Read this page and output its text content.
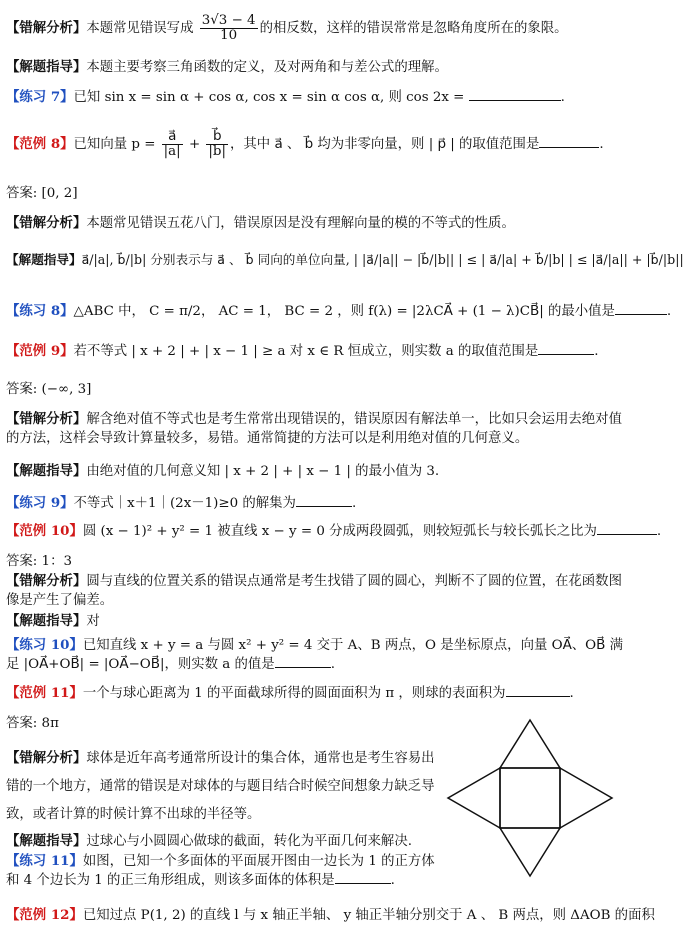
【错解分析】本题常见错误写成 $\frac{3√3 - 4}{10}$ 的相反数，这样的错误常常是忽略角度所在的象限。
【解题指导】本题主要考察三角函数的定义，及对两角和与差公式的理解。
【练习 7】已知 sin x = sin α + cos α, cos x = sin α cos α, 则 cos 2x =	.
【范例 8】已知向量 $p = \frac{a⃗}{|a|} + \frac{b⃗}{|b|}$ ，其中 a⃗ 、 b⃗ 均为非零向量，则 | p⃗ | 的取值范围是	.
答案: [0, 2]
【错解分析】本题常见错误五花八门，错误原因是没有理解向量的模的不等式的性质。
【解题指导】a⃗/|a|, b⃗/|b| 分别表示与 a⃗ 、 b⃗ 同向的单位向量, | |a⃗/|a|| − |b⃗/|b|| | ≤ | a⃗/|a| + b⃗/|b| | ≤ |a⃗/|a|| + |b⃗/|b||
【练习 8】△ABC 中， C = π/2， AC = 1， BC = 2 ，则 f(λ) = |2λCA⃗ + (1 − λ)CB⃗| 的最小值是	.
【范例 9】若不等式 | x + 2 | + | x − 1 | ≥ a 对 x ∈ R 恒成立，则实数 a 的取值范围是	.
答案: (−∞, 3]
【错解分析】解含绝对值不等式也是考生常常出现错误的，错误原因有解法单一，比如只会运用去绝对值的方法，这样会导致计算量较多，易错。通常简捷的方法可以是利用绝对值的几何意义。
【解题指导】由绝对值的几何意义知 | x + 2 | + | x − 1 | 的最小值为 3.
【练习 9】不等式｜x＋1｜(2x－1)≥0 的解集为	.
【范例 10】圆 (x − 1)² + y² = 1 被直线 x − y = 0 分成两段圆弧，则较短弧长与较长弧长之比为	.
答案: 1：3
【错解分析】圆与直线的位置关系的错误点通常是考生找错了圆的圆心，判断不了圆的位置，在花函数图像是产生了偏差。
【解题指导】对
【练习 10】已知直线 x + y = a 与圆 x² + y² = 4 交于 A、B 两点，O 是坐标原点，向量 OA⃗、OB⃗ 满足 |OA⃗+OB⃗| = |OA⃗−OB⃗|，则实数 a 的值是	.
【范例 11】一个与球心距离为 1 的平面截球所得的圆面面积为 π ，则球的表面积为	.
答案: 8π
【错解分析】球体是近年高考通常所设计的集合体，通常也是考生容易出错的一个地方，通常的错误是对球体的与题目结合时候空间想象力缺乏导致，或者计算的时候计算不出球的半径等。
【解题指导】过球心与小圆圆心做球的截面，转化为平面几何来解决.
【练习 11】如图，已知一个多面体的平面展开图由一边长为 1 的正方体和 4 个边长为 1 的正三角形组成，则该多面体的体积是	.
【范例 12】已知过点 P(1, 2) 的直线 l 与 x 轴正半轴、 y 轴正半轴分别交于 A 、 B 两点，则 ΔAOB 的面积
